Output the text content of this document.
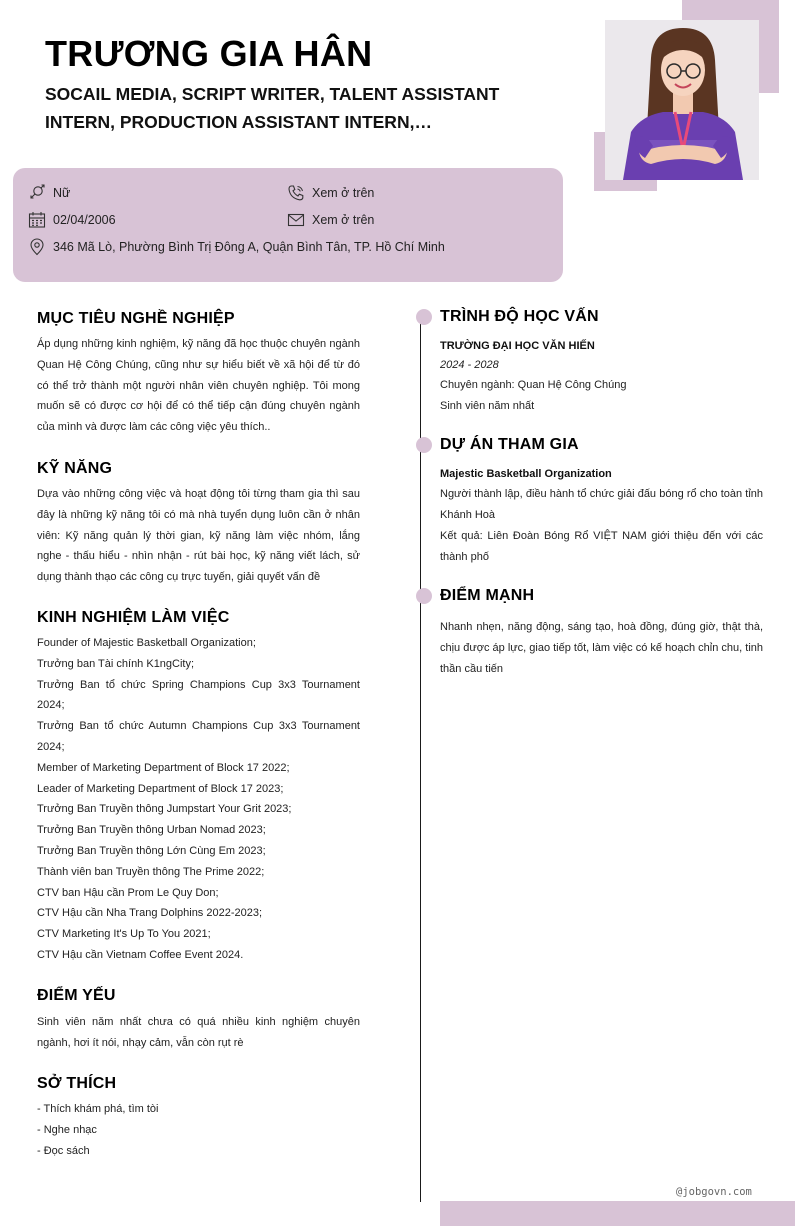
TRƯƠNG GIA HÂN
SOCAIL MEDIA, SCRIPT WRITER, TALENT ASSISTANT INTERN, PRODUCTION ASSISTANT INTERN,…
Nữ
02/04/2006
346 Mã Lò, Phường Bình Trị Đông A, Quận Bình Tân, TP. Hồ Chí Minh
Xem ở trên
Xem ở trên
MỤC TIÊU NGHỀ NGHIỆP
Áp dụng những kinh nghiệm, kỹ năng đã học thuộc chuyên ngành Quan Hệ Công Chúng, cũng như sự hiểu biết về xã hội để từ đó có thể trở thành một người nhân viên chuyên nghiệp. Tôi mong muốn sẽ có được cơ hội để có thể tiếp cận đúng chuyên ngành của mình và được làm các công việc yêu thích..
KỸ NĂNG
Dựa vào những công việc và hoạt động tôi từng tham gia thì sau đây là những kỹ năng tôi có mà nhà tuyển dụng luôn cần ở nhân viên: Kỹ năng quản lý thời gian, kỹ năng làm việc nhóm, lắng nghe - thấu hiểu - nhìn nhận - rút bài học, kỹ năng viết lách, sử dụng thành thạo các công cụ trực tuyến, giải quyết vấn đề
KINH NGHIỆM LÀM VIỆC
Founder of Majestic Basketball Organization;
Trưởng ban Tài chính K1ngCity;
Trưởng Ban tổ chức Spring Champions Cup 3x3 Tournament 2024;
Trưởng Ban tổ chức Autumn Champions Cup 3x3 Tournament 2024;
Member of Marketing Department of Block 17 2022;
Leader of Marketing Department of Block 17 2023;
Trưởng Ban Truyền thông Jumpstart Your Grit 2023;
Trưởng Ban Truyền thông Urban Nomad 2023;
Trưởng Ban Truyền thông Lớn Cùng Em 2023;
Thành viên ban Truyền thông The Prime 2022;
CTV ban Hậu cần Prom Le Quy Don;
CTV Hậu cần Nha Trang Dolphins 2022-2023;
CTV Marketing It's Up To You 2021;
CTV Hậu cần Vietnam Coffee Event 2024.
ĐIỂM YẾU
Sinh viên năm nhất chưa có quá nhiều kinh nghiệm chuyên ngành, hơi ít nói, nhạy cảm, vẫn còn rụt rè
SỞ THÍCH
- Thích khám phá, tìm tòi
- Nghe nhạc
- Đọc sách
TRÌNH ĐỘ HỌC VẤN
TRƯỜNG ĐẠI HỌC VĂN HIẾN
2024 - 2028
Chuyên ngành: Quan Hệ Công Chúng
Sinh viên năm nhất
DỰ ÁN THAM GIA
Majestic Basketball Organization
Người thành lập, điều hành tổ chức giải đấu bóng rổ cho toàn tỉnh Khánh Hoà
Kết quả: Liên Đoàn Bóng Rổ VIỆT NAM giới thiệu đến với các thành phố
ĐIỂM MẠNH
Nhanh nhẹn, năng động, sáng tạo, hoà đồng, đúng giờ, thật thà, chịu được áp lực, giao tiếp tốt, làm việc có kế hoạch chỉn chu, tinh thần cầu tiến
@jobgovn.com
